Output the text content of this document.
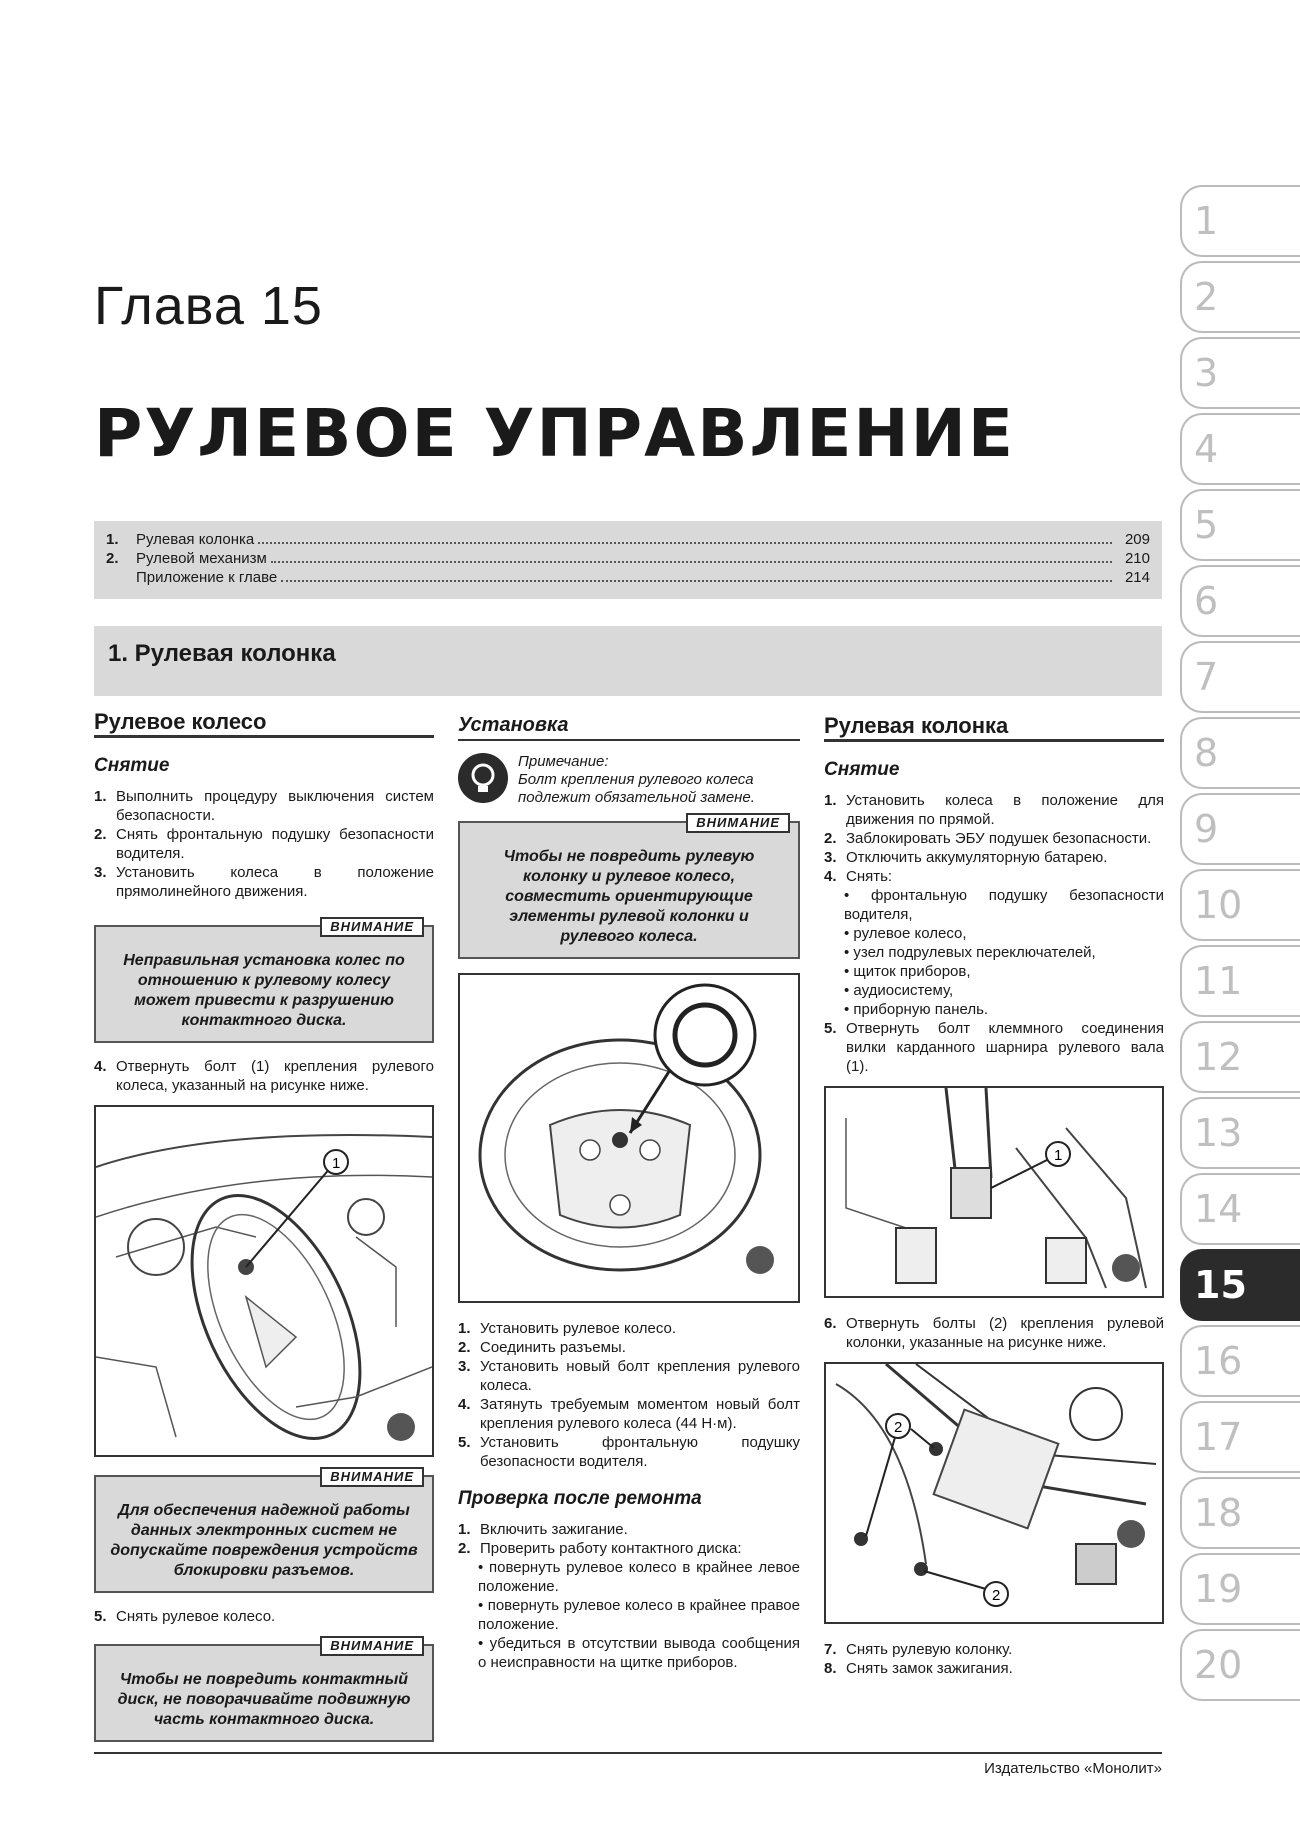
Глава 15
РУЛЕВОЕ УПРАВЛЕНИЕ
1.	Рулевая колонка	209
2.	Рулевой механизм	210
Приложение к главе	214
1. Рулевая колонка
1
2
3
4
5
6
7
8
9
10
11
12
13
14
15
16
17
18
19
20
Рулевое колесо
Снятие
1. Выполнить процедуру выключения систем безопасности.
2. Снять фронтальную подушку безопасности водителя.
3. Установить колеса в положение прямолинейного движения.
ВНИМАНИЕ
Неправильная установка колес по отношению к рулевому колесу может привести к разрушению контактного диска.
4. Отвернуть болт (1) крепления рулевого колеса, указанный на рисунке ниже.
1
ВНИМАНИЕ
Для обеспечения надежной работы данных электронных систем не допускайте повреждения устройств блокировки разъемов.
5. Снять рулевое колесо.
ВНИМАНИЕ
Чтобы не повредить контактный диск, не поворачивайте подвижную часть контактного диска.
Установка
Примечание:
Болт крепления рулевого колеса подлежит обязательной замене.
ВНИМАНИЕ
Чтобы не повредить рулевую колонку и рулевое колесо, совместить ориентирующие элементы рулевой колонки и рулевого колеса.
1. Установить рулевое колесо.
2. Соединить разъемы.
3. Установить новый болт крепления рулевого колеса.
4. Затянуть требуемым моментом новый болт крепления рулевого колеса (44 Н·м).
5. Установить фронтальную подушку безопасности водителя.
Проверка после ремонта
1. Включить зажигание.
2. Проверить работу контактного диска:
• повернуть рулевое колесо в крайнее левое положение.
• повернуть рулевое колесо в крайнее правое положение.
• убедиться в отсутствии вывода сообщения о неисправности на щитке приборов.
Рулевая колонка
Снятие
1. Установить колеса в положение для движения по прямой.
2. Заблокировать ЭБУ подушек безопасности.
3. Отключить аккумуляторную батарею.
4. Снять:
• фронтальную подушку безопасности водителя,
• рулевое колесо,
• узел подрулевых переключателей,
• щиток приборов,
• аудиосистему,
• приборную панель.
5. Отвернуть болт клеммного соединения вилки карданного шарнира рулевого вала (1).
1
6. Отвернуть болты (2) крепления рулевой колонки, указанные на рисунке ниже.
2
2
7. Снять рулевую колонку.
8. Снять замок зажигания.
Издательство «Монолит»
